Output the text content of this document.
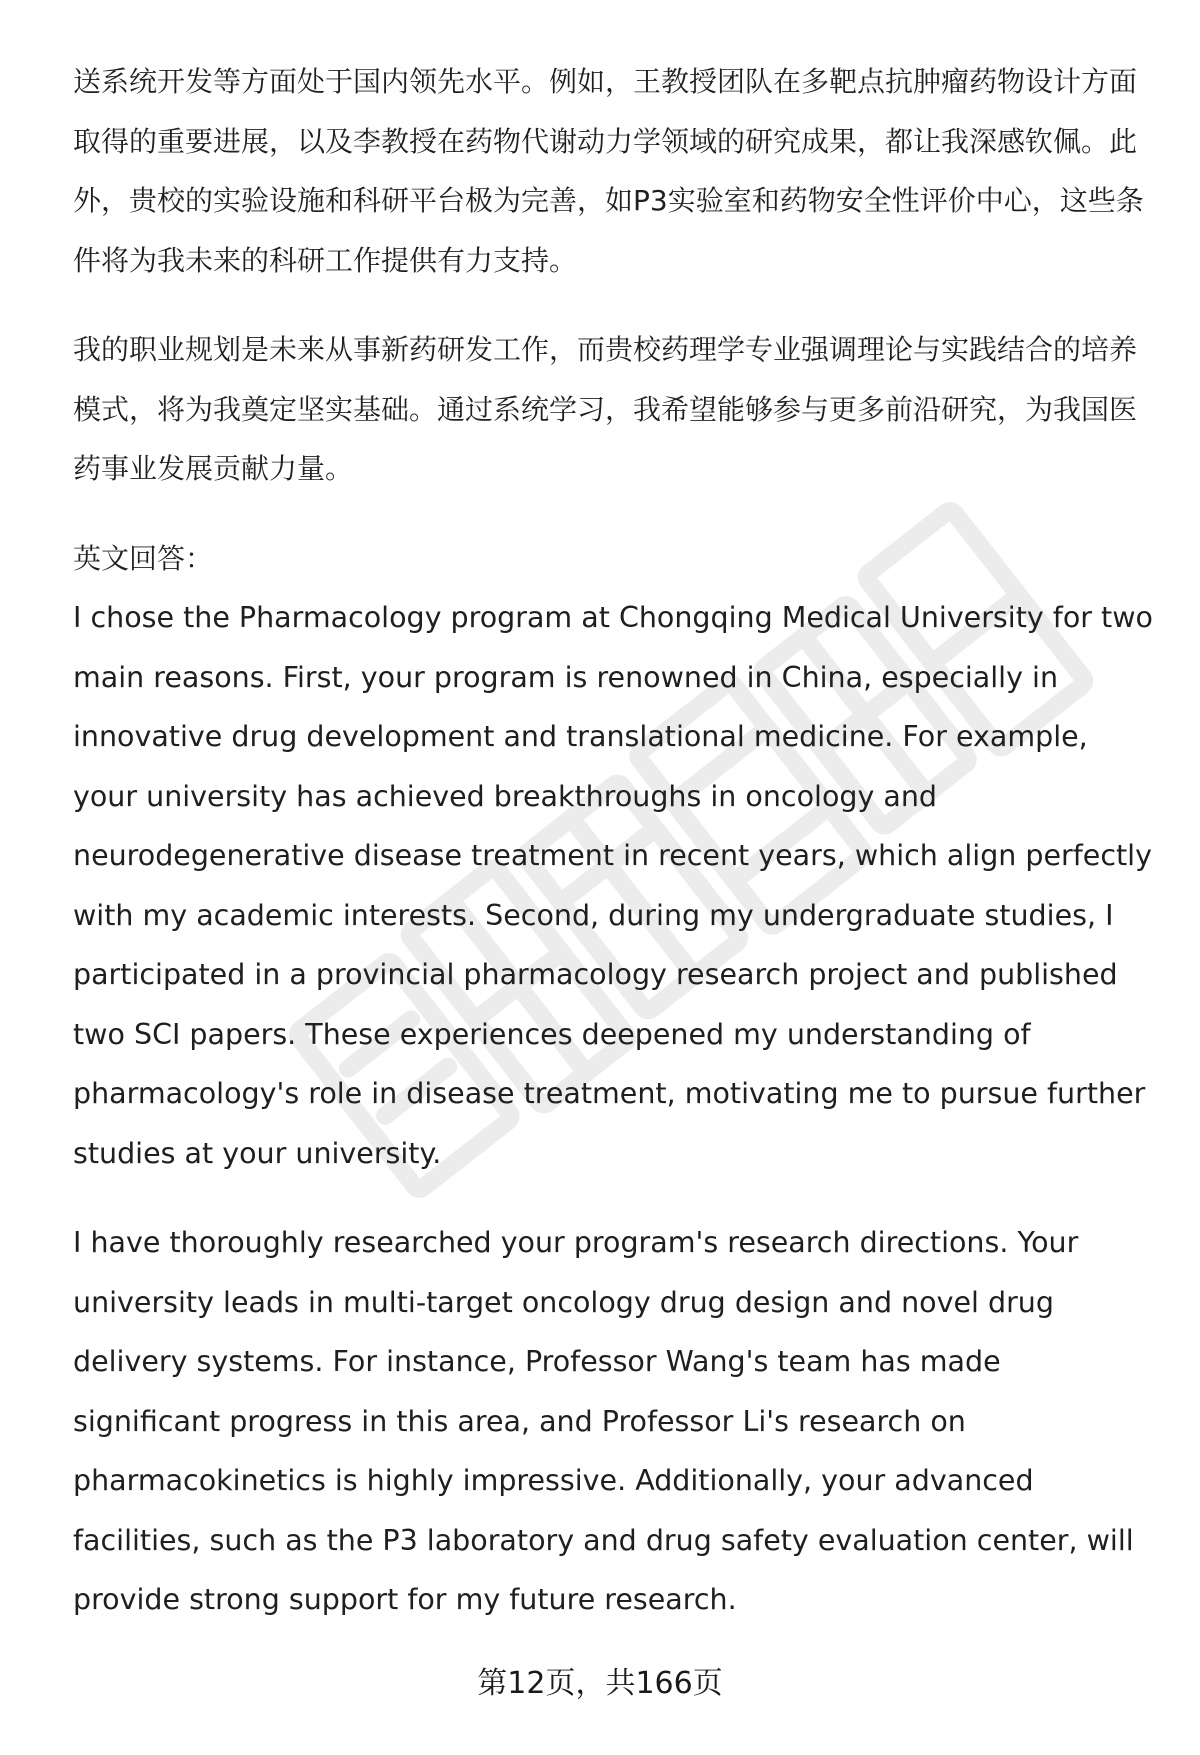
送系统开发等方面处于国内领先水平。例如，王教授团队在多靶点抗肿瘤药物设计方面取得的重要进展，以及李教授在药物代谢动力学领域的研究成果，都让我深感钦佩。此外，贵校的实验设施和科研平台极为完善，如P3实验室和药物安全性评价中心，这些条件将为我未来的科研工作提供有力支持。

我的职业规划是未来从事新药研发工作，而贵校药理学专业强调理论与实践结合的培养模式，将为我奠定坚实基础。通过系统学习，我希望能够参与更多前沿研究，为我国医药事业发展贡献力量。

英文回答：

I chose the Pharmacology program at Chongqing Medical University for two main reasons. First, your program is renowned in China, especially in innovative drug development and translational medicine. For example, your university has achieved breakthroughs in oncology and neurodegenerative disease treatment in recent years, which align perfectly with my academic interests. Second, during my undergraduate studies, I participated in a provincial pharmacology research project and published two SCI papers. These experiences deepened my understanding of pharmacology's role in disease treatment, motivating me to pursue further studies at your university.

I have thoroughly researched your program's research directions. Your university leads in multi-target oncology drug design and novel drug delivery systems. For instance, Professor Wang's team has made significant progress in this area, and Professor Li's research on pharmacokinetics is highly impressive. Additionally, your advanced facilities, such as the P3 laboratory and drug safety evaluation center, will provide strong support for my future research.

第12页，共166页
